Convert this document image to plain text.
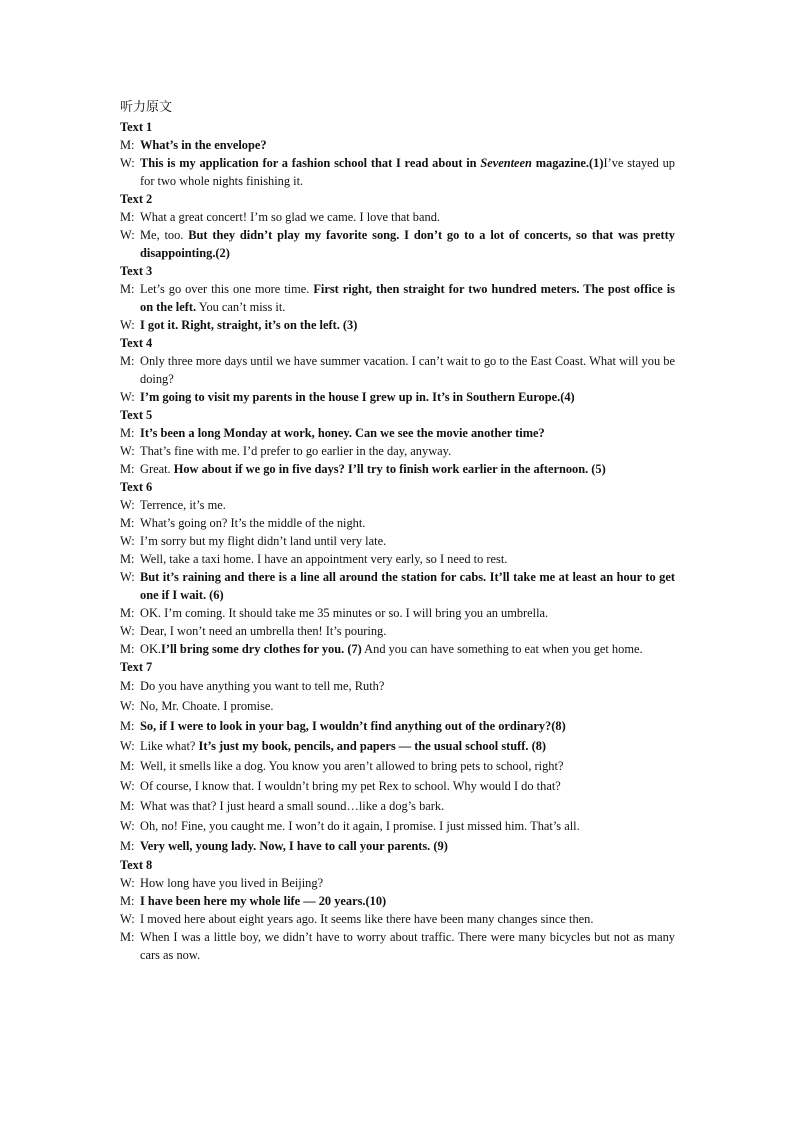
听力原文
Text 1
M: What’s in the envelope?
W: This is my application for a fashion school that I read about in Seventeen magazine.(1)I’ve stayed up for two whole nights finishing it.
Text 2
M: What a great concert! I’m so glad we came. I love that band.
W: Me, too. But they didn’t play my favorite song. I don’t go to a lot of concerts, so that was pretty disappointing.(2)
Text 3
M: Let’s go over this one more time. First right, then straight for two hundred meters. The post office is on the left. You can’t miss it.
W: I got it. Right, straight, it’s on the left. (3)
Text 4
M: Only three more days until we have summer vacation. I can’t wait to go to the East Coast. What will you be doing?
W: I’m going to visit my parents in the house I grew up in. It’s in Southern Europe.(4)
Text 5
M: It’s been a long Monday at work, honey. Can we see the movie another time?
W: That’s fine with me. I’d prefer to go earlier in the day, anyway.
M: Great. How about if we go in five days? I’ll try to finish work earlier in the afternoon. (5)
Text 6
W: Terrence, it’s me.
M: What’s going on? It’s the middle of the night.
W: I’m sorry but my flight didn’t land until very late.
M: Well, take a taxi home. I have an appointment very early, so I need to rest.
W: But it’s raining and there is a line all around the station for cabs. It’ll take me at least an hour to get one if I wait. (6)
M: OK. I’m coming. It should take me 35 minutes or so. I will bring you an umbrella.
W: Dear, I won’t need an umbrella then! It’s pouring.
M: OK.I’ll bring some dry clothes for you. (7) And you can have something to eat when you get home.
Text 7
M: Do you have anything you want to tell me, Ruth?
W: No, Mr. Choate. I promise.
M: So, if I were to look in your bag, I wouldn’t find anything out of the ordinary?(8)
W: Like what? It’s just my book, pencils, and papers — the usual school stuff. (8)
M: Well, it smells like a dog. You know you aren’t allowed to bring pets to school, right?
W: Of course, I know that. I wouldn’t bring my pet Rex to school. Why would I do that?
M: What was that? I just heard a small sound…like a dog’s bark.
W: Oh, no! Fine, you caught me. I won’t do it again, I promise. I just missed him. That’s all.
M: Very well, young lady. Now, I have to call your parents. (9)
Text 8
W: How long have you lived in Beijing?
M: I have been here my whole life — 20 years.(10)
W: I moved here about eight years ago. It seems like there have been many changes since then.
M: When I was a little boy, we didn’t have to worry about traffic. There were many bicycles but not as many cars as now.
